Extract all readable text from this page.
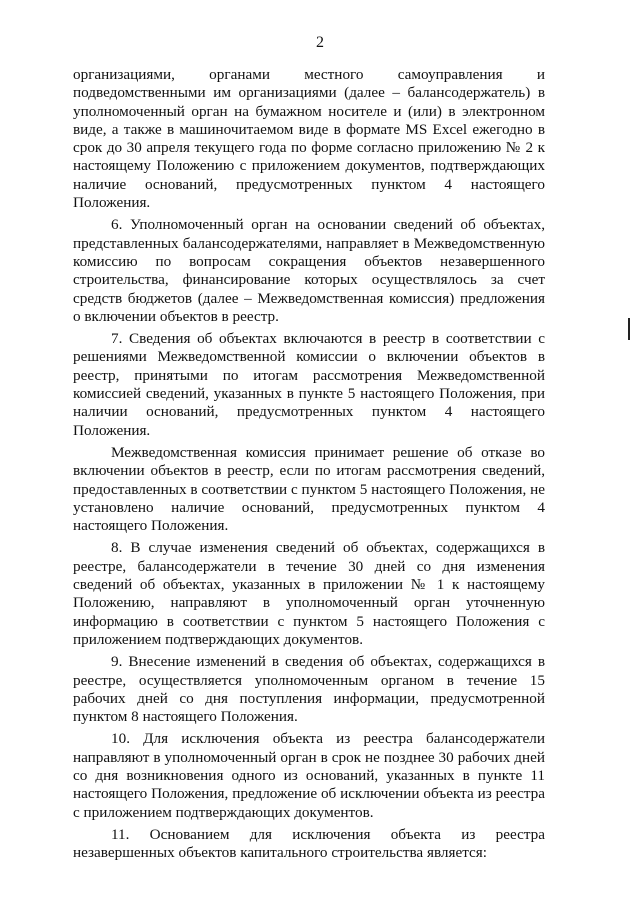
2

организациями, органами местного самоуправления и подведомственными им организациями (далее – балансодержатель) в уполномоченный орган на бумажном носителе и (или) в электронном виде, а также в машиночитаемом виде в формате MS Excel ежегодно в срок до 30 апреля текущего года по форме согласно приложению № 2 к настоящему Положению с приложением документов, подтверждающих наличие оснований, предусмотренных пунктом 4 настоящего Положения.

6. Уполномоченный орган на основании сведений об объектах, представленных балансодержателями, направляет в Межведомственную комиссию по вопросам сокращения объектов незавершенного строительства, финансирование которых осуществлялось за счет средств бюджетов (далее – Межведомственная комиссия) предложения о включении объектов в реестр.

7. Сведения об объектах включаются в реестр в соответствии с решениями Межведомственной комиссии о включении объектов в реестр, принятыми по итогам рассмотрения Межведомственной комиссией сведений, указанных в пункте 5 настоящего Положения, при наличии оснований, предусмотренных пунктом 4 настоящего Положения.

Межведомственная комиссия принимает решение об отказе во включении объектов в реестр, если по итогам рассмотрения сведений, предоставленных в соответствии с пунктом 5 настоящего Положения, не установлено наличие оснований, предусмотренных пунктом 4 настоящего Положения.

8. В случае изменения сведений об объектах, содержащихся в реестре, балансодержатели в течение 30 дней со дня изменения сведений об объектах, указанных в приложении № 1 к настоящему Положению, направляют в уполномоченный орган уточненную информацию в соответствии с пунктом 5 настоящего Положения с приложением подтверждающих документов.

9. Внесение изменений в сведения об объектах, содержащихся в реестре, осуществляется уполномоченным органом в течение 15 рабочих дней со дня поступления информации, предусмотренной пунктом 8 настоящего Положения.

10. Для исключения объекта из реестра балансодержатели направляют в уполномоченный орган в срок не позднее 30 рабочих дней со дня возникновения одного из оснований, указанных в пункте 11 настоящего Положения, предложение об исключении объекта из реестра с приложением подтверждающих документов.

11. Основанием для исключения объекта из реестра незавершенных объектов капитального строительства является:
